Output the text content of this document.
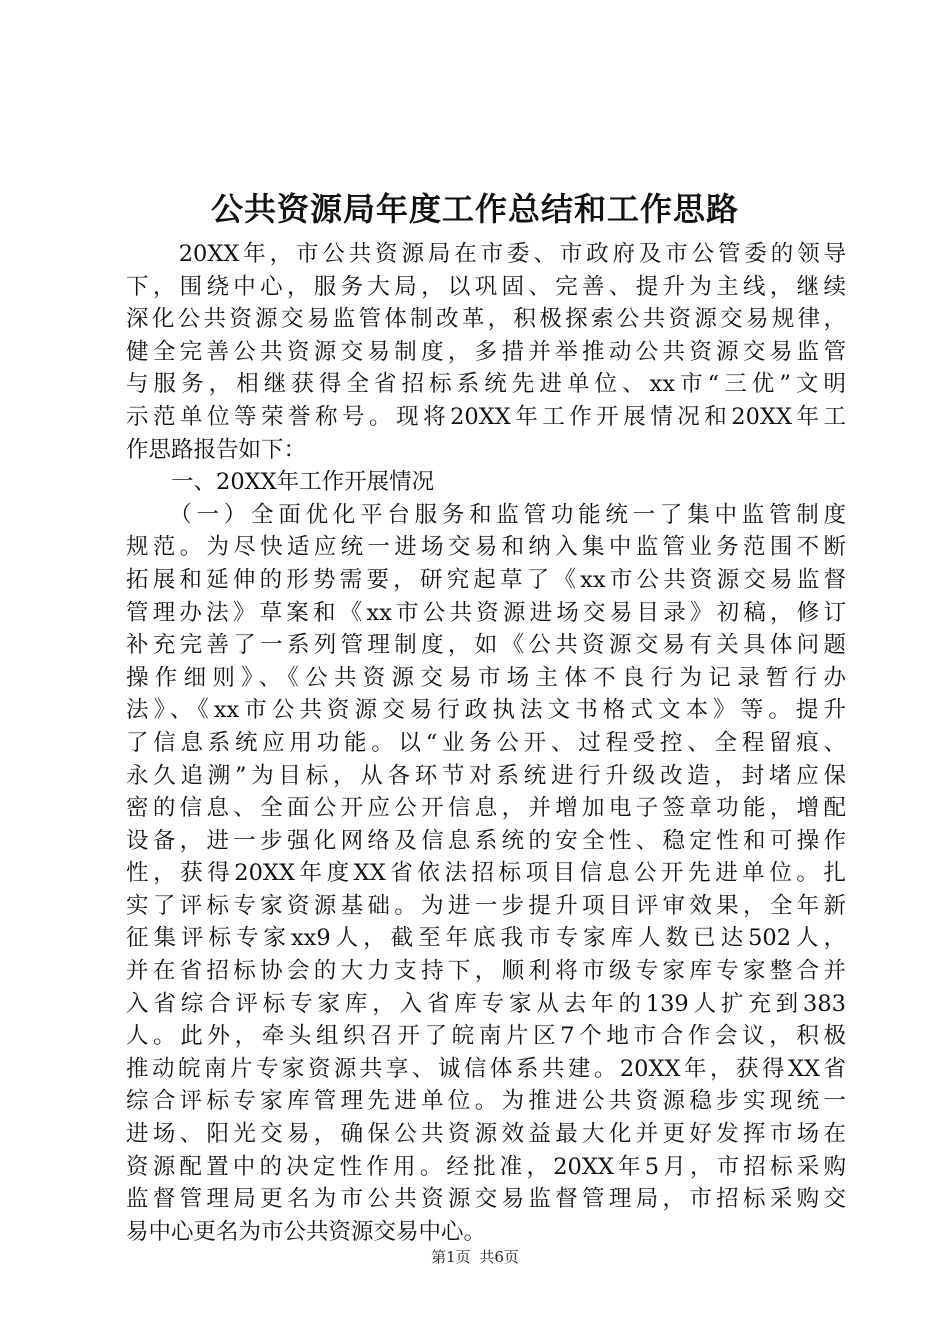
公共资源局年度工作总结和工作思路
　　20XX年，市公共资源局在市委、市政府及市公管委的领导
下，围绕中心，服务大局，以巩固、完善、提升为主线，继续
深化公共资源交易监管体制改革，积极探索公共资源交易规律，
健全完善公共资源交易制度，多措并举推动公共资源交易监管
与服务，相继获得全省招标系统先进单位、xx市“三优”文明
示范单位等荣誉称号。现将20XX年工作开展情况和20XX年工
作思路报告如下：
　　一、20XX年工作开展情况
　　（一）全面优化平台服务和监管功能统一了集中监管制度
规范。为尽快适应统一进场交易和纳入集中监管业务范围不断
拓展和延伸的形势需要，研究起草了《xx市公共资源交易监督
管理办法》草案和《xx市公共资源进场交易目录》初稿，修订
补充完善了一系列管理制度，如《公共资源交易有关具体问题
操作细则》、《公共资源交易市场主体不良行为记录暂行办
法》、《xx市公共资源交易行政执法文书格式文本》等。提升
了信息系统应用功能。以“业务公开、过程受控、全程留痕、
永久追溯”为目标，从各环节对系统进行升级改造，封堵应保
密的信息、全面公开应公开信息，并增加电子签章功能，增配
设备，进一步强化网络及信息系统的安全性、稳定性和可操作
性，获得20XX年度XX省依法招标项目信息公开先进单位。扎
实了评标专家资源基础。为进一步提升项目评审效果，全年新
征集评标专家xx9人，截至年底我市专家库人数已达502人，
并在省招标协会的大力支持下，顺利将市级专家库专家整合并
入省综合评标专家库，入省库专家从去年的139人扩充到383
人。此外，牵头组织召开了皖南片区7个地市合作会议，积极
推动皖南片专家资源共享、诚信体系共建。20XX年，获得XX省
综合评标专家库管理先进单位。为推进公共资源稳步实现统一
进场、阳光交易，确保公共资源效益最大化并更好发挥市场在
资源配置中的决定性作用。经批准，20XX年5月，市招标采购
监督管理局更名为市公共资源交易监督管理局，市招标采购交
易中心更名为市公共资源交易中心。
第1页 共6页
